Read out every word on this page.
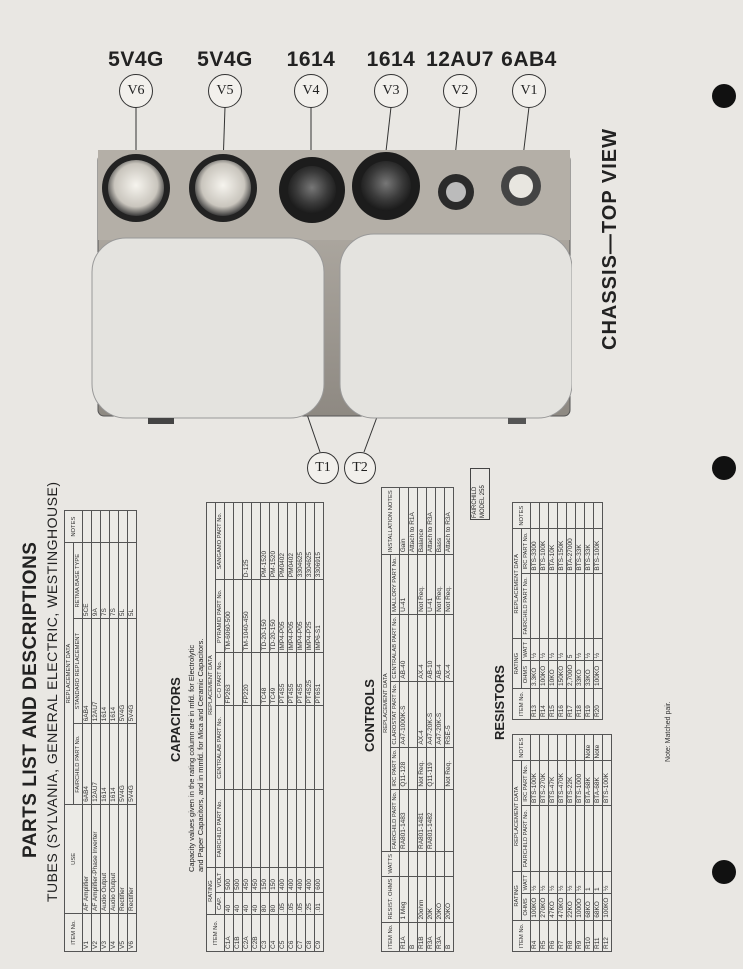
5V4G	5V4G	1614	1614 12AU7 6AB4
V6	V5	V4	V3	V2	V1
T1	T2
CHASSIS—TOP VIEW
FAIRCHILD MODEL 255
PARTS LIST AND DESCRIPTIONS TUBES (SYLVANIA, GENERAL ELECTRIC, WESTINGHOUSE)
ITEM No.	USE	REPLACEMENT DATA			NOTES
		FAIRCHILD PART No.	STANDARD REPLACEMENT	RETMA BASE TYPE	
V1	AF Amplifier	6AB4	6AB4	5CE	
V2	AF Amplifier-Phase Inverter	12AU7	12AU7	9A	
V3	Audio Output	1614	1614	7S	
V4	Audio Output	1614	1614	7S	
V5	Rectifier	5V4G	5V4G	5L	
V6	Rectifier	5V4G	5V4G	5L	
CAPACITORS Capacity values given in the rating column are in mfd. for Electrolytic and Paper Capacitors, and in mmfd. for Mica and Ceramic Capacitors.
ITEM No.	RATING		REPLACEMENT DATA				
	CAP.	VOLT	FAIRCHILD PART No.	CENTRALAB PART No.	C-D PART No.	PYRAMID PART No.	SANGAMO PART No.
C1A	40	500			FP263	TM-6060-500	
C1B	40	500					
C2A	40	450			FP220	TM-1040-450	D-125
C2B	40	450					
C3	80	150			TC48	TD-20-150	PM-1520
C4	80	150			TC49	TD-20-150	PM-1520
C5	.05	400			PT4S5	IMP4-P05	PM0402
C6	.05	400			PT4S5	IMP4-P05	PM0402
C7	.05	400			PT4S5	IMP4-P05	3304625
C8	.25	400			PT4S25	IMP4-P25	3304625
C9	.01	600			PT6S1	IMP6-S1	3306915
CONTROLS
ITEM No.	RESIST. OHMS	WATTS	REPLACEMENT DATA					INSTALLATION NOTES
			FAIRCHILD PART No.	IRC PART No.	CLAROSTAT PART No.	CENTRALAB PART No.	MALLORY PART No.	
R1A	1 Meg		RA801-1483	Q11-128	A47-1000K-S	AB-40	U-41	Gain
B								Attach to R1A
R1B	20ohm		RA801-1481	Not Req.	AX-4	AX-4	Not Req.	Balance
R3A	20K		RA801-1482	Q11-119	A47-20K-S	AB-10	U-41	Attach to R3A
R3A	20KO				A47-20K-S	AB-4	Not Req.	Bass
B	20KO			Not Req.	RSE-5	AX-4	Not Req.	Attach to R3A
RESISTORS	Note: Matched pair.
ITEM No.	RATING		REPLACEMENT DATA		NOTES
	OHMS	WATT	FAIRCHILD PART No.	IRC PART No.	
R4	100KO	½		BTS-100K	
R5	270KO	½		BTS-270K	
R6	47KO	½		BTS-47K	
R7	470KO	½		BTS-470K	
R8	22KO	½		BTS-22K	
R9	1000O	½		BTS-1000	
R10	68KO	1		BTA-68K	Note
R11	68KO	1		BTA-68K	Note
R12	100KO	½		BTS-100K	
ITEM No.	RATING		REPLACEMENT DATA		NOTES
	OHMS	WATT	FAIRCHILD PART No.	IRC PART No.	
R13	3.3KO	½		BTS-3300	
R14	100KO	½		BTS-100K	
R15	10KO	½		BTA-10K	
R16	150KO	½		BTS-150K	
R17	2,700O	5		BTA-27000	
R18	33KO	½		BTS-33K	
R19	33KO	½		BTS-33K	
R20	100KO	½		BTS-100K	
